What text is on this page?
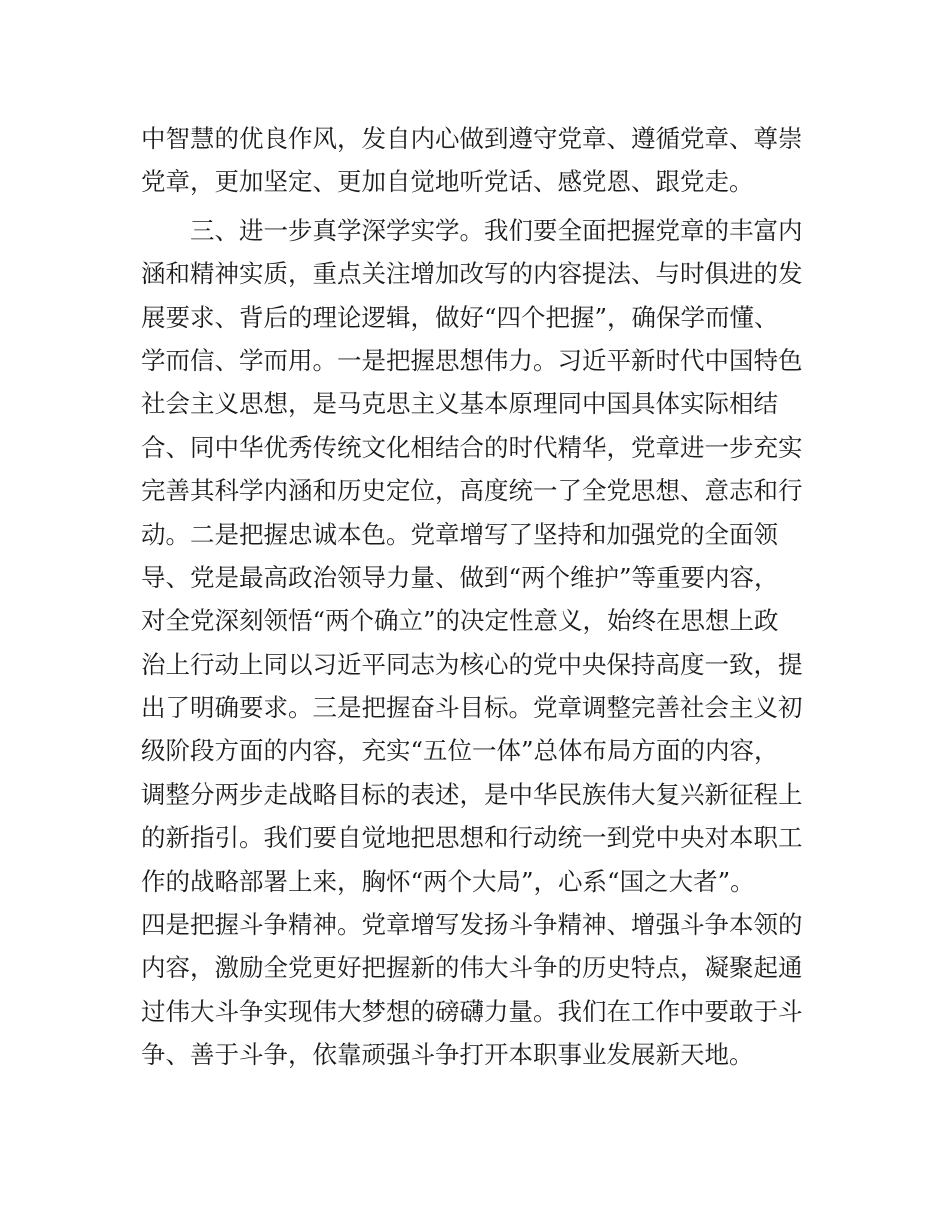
中智慧的优良作风，发自内心做到遵守党章、遵循党章、尊崇
党章，更加坚定、更加自觉地听党话、感党恩、跟党走。
　　三、进一步真学深学实学。我们要全面把握党章的丰富内
涵和精神实质，重点关注增加改写的内容提法、与时俱进的发
展要求、背后的理论逻辑，做好“四个把握”，确保学而懂、
学而信、学而用。一是把握思想伟力。习近平新时代中国特色
社会主义思想，是马克思主义基本原理同中国具体实际相结
合、同中华优秀传统文化相结合的时代精华，党章进一步充实
完善其科学内涵和历史定位，高度统一了全党思想、意志和行
动。二是把握忠诚本色。党章增写了坚持和加强党的全面领
导、党是最高政治领导力量、做到“两个维护”等重要内容，
对全党深刻领悟“两个确立”的决定性意义，始终在思想上政
治上行动上同以习近平同志为核心的党中央保持高度一致，提
出了明确要求。三是把握奋斗目标。党章调整完善社会主义初
级阶段方面的内容，充实“五位一体”总体布局方面的内容，
调整分两步走战略目标的表述，是中华民族伟大复兴新征程上
的新指引。我们要自觉地把思想和行动统一到党中央对本职工
作的战略部署上来，胸怀“两个大局”，心系“国之大者”。
四是把握斗争精神。党章增写发扬斗争精神、增强斗争本领的
内容，激励全党更好把握新的伟大斗争的历史特点，凝聚起通
过伟大斗争实现伟大梦想的磅礴力量。我们在工作中要敢于斗
争、善于斗争，依靠顽强斗争打开本职事业发展新天地。
